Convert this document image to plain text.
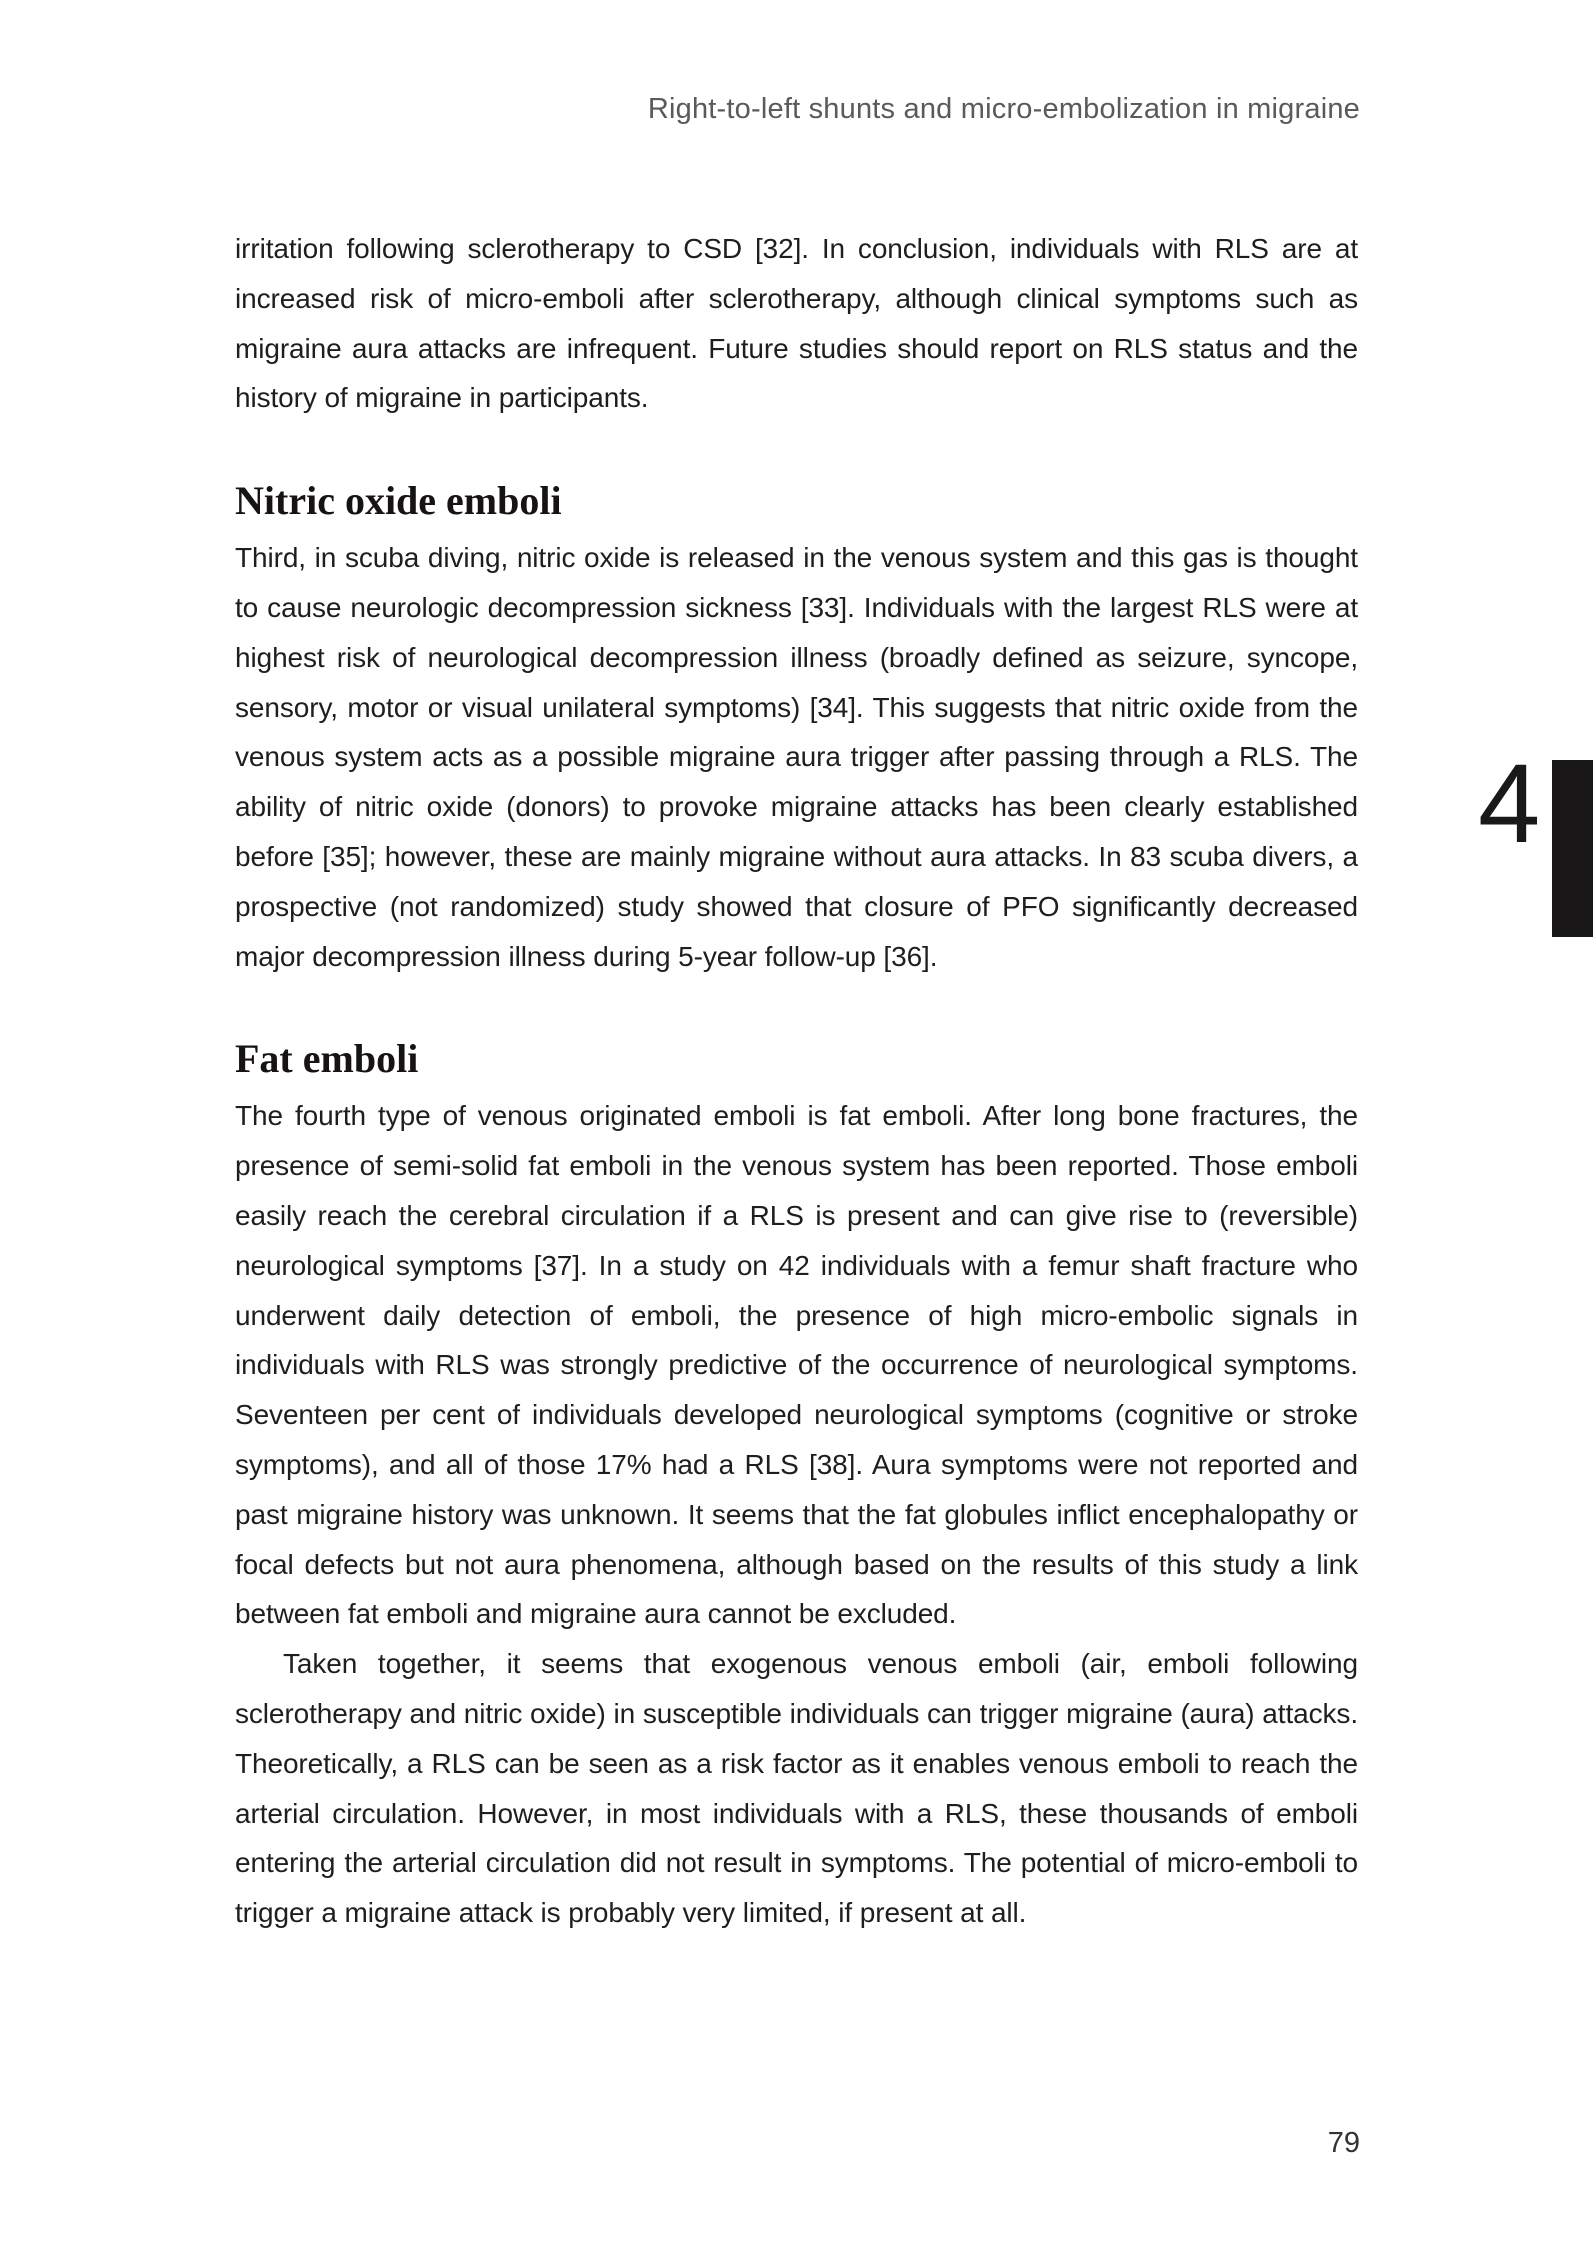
Right-to-left shunts and micro-embolization in migraine

irritation following sclerotherapy to CSD [32]. In conclusion, individuals with RLS are at increased risk of micro-emboli after sclerotherapy, although clinical symptoms such as migraine aura attacks are infrequent. Future studies should report on RLS status and the history of migraine in participants.

Nitric oxide emboli

Third, in scuba diving, nitric oxide is released in the venous system and this gas is thought to cause neurologic decompression sickness [33]. Individuals with the largest RLS were at highest risk of neurological decompression illness (broadly defined as seizure, syncope, sensory, motor or visual unilateral symptoms) [34]. This suggests that nitric oxide from the venous system acts as a possible migraine aura trigger after passing through a RLS. The ability of nitric oxide (donors) to provoke migraine attacks has been clearly established before [35]; however, these are mainly migraine without aura attacks. In 83 scuba divers, a prospective (not randomized) study showed that closure of PFO significantly decreased major decompression illness during 5-year follow-up [36].

Fat emboli

The fourth type of venous originated emboli is fat emboli. After long bone fractures, the presence of semi-solid fat emboli in the venous system has been reported. Those emboli easily reach the cerebral circulation if a RLS is present and can give rise to (reversible) neurological symptoms [37]. In a study on 42 individuals with a femur shaft fracture who underwent daily detection of emboli, the presence of high micro-embolic signals in individuals with RLS was strongly predictive of the occurrence of neurological symptoms. Seventeen per cent of individuals developed neurological symptoms (cognitive or stroke symptoms), and all of those 17% had a RLS [38]. Aura symptoms were not reported and past migraine history was unknown. It seems that the fat globules inflict encephalopathy or focal defects but not aura phenomena, although based on the results of this study a link between fat emboli and migraine aura cannot be excluded.

Taken together, it seems that exogenous venous emboli (air, emboli following sclerotherapy and nitric oxide) in susceptible individuals can trigger migraine (aura) attacks. Theoretically, a RLS can be seen as a risk factor as it enables venous emboli to reach the arterial circulation. However, in most individuals with a RLS, these thousands of emboli entering the arterial circulation did not result in symptoms. The potential of micro-emboli to trigger a migraine attack is probably very limited, if present at all.

4
79
